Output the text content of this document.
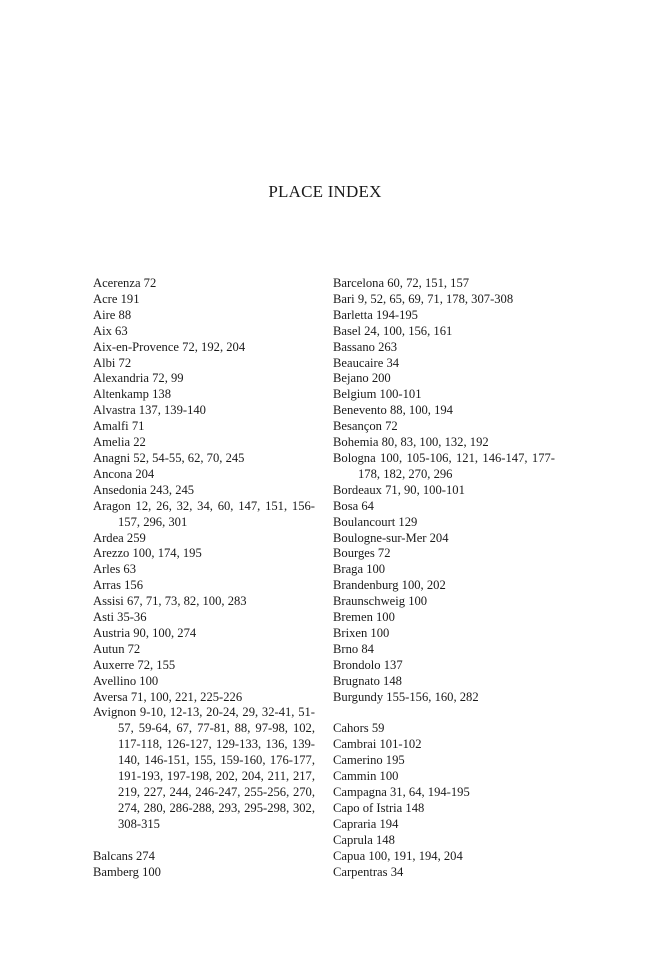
PLACE INDEX
Acerenza 72
Acre 191
Aire 88
Aix 63
Aix-en-Provence 72, 192, 204
Albi 72
Alexandria 72, 99
Altenkamp 138
Alvastra 137, 139-140
Amalfi 71
Amelia 22
Anagni 52, 54-55, 62, 70, 245
Ancona 204
Ansedonia 243, 245
Aragon 12, 26, 32, 34, 60, 147, 151, 156-157, 296, 301
Ardea 259
Arezzo 100, 174, 195
Arles 63
Arras 156
Assisi 67, 71, 73, 82, 100, 283
Asti 35-36
Austria 90, 100, 274
Autun 72
Auxerre 72, 155
Avellino 100
Aversa 71, 100, 221, 225-226
Avignon 9-10, 12-13, 20-24, 29, 32-41, 51-57, 59-64, 67, 77-81, 88, 97-98, 102, 117-118, 126-127, 129-133, 136, 139-140, 146-151, 155, 159-160, 176-177, 191-193, 197-198, 202, 204, 211, 217, 219, 227, 244, 246-247, 255-256, 270, 274, 280, 286-288, 293, 295-298, 302, 308-315
Balcans 274
Bamberg 100
Barcelona 60, 72, 151, 157
Bari 9, 52, 65, 69, 71, 178, 307-308
Barletta 194-195
Basel 24, 100, 156, 161
Bassano 263
Beaucaire 34
Bejano 200
Belgium 100-101
Benevento 88, 100, 194
Besançon 72
Bohemia 80, 83, 100, 132, 192
Bologna 100, 105-106, 121, 146-147, 177-178, 182, 270, 296
Bordeaux 71, 90, 100-101
Bosa 64
Boulancourt 129
Boulogne-sur-Mer 204
Bourges 72
Braga 100
Brandenburg 100, 202
Braunschweig 100
Bremen 100
Brixen 100
Brno 84
Brondolo 137
Brugnato 148
Burgundy 155-156, 160, 282
Cahors 59
Cambrai 101-102
Camerino 195
Cammin 100
Campagna 31, 64, 194-195
Capo of Istria 148
Capraria 194
Caprula 148
Capua 100, 191, 194, 204
Carpentras 34
